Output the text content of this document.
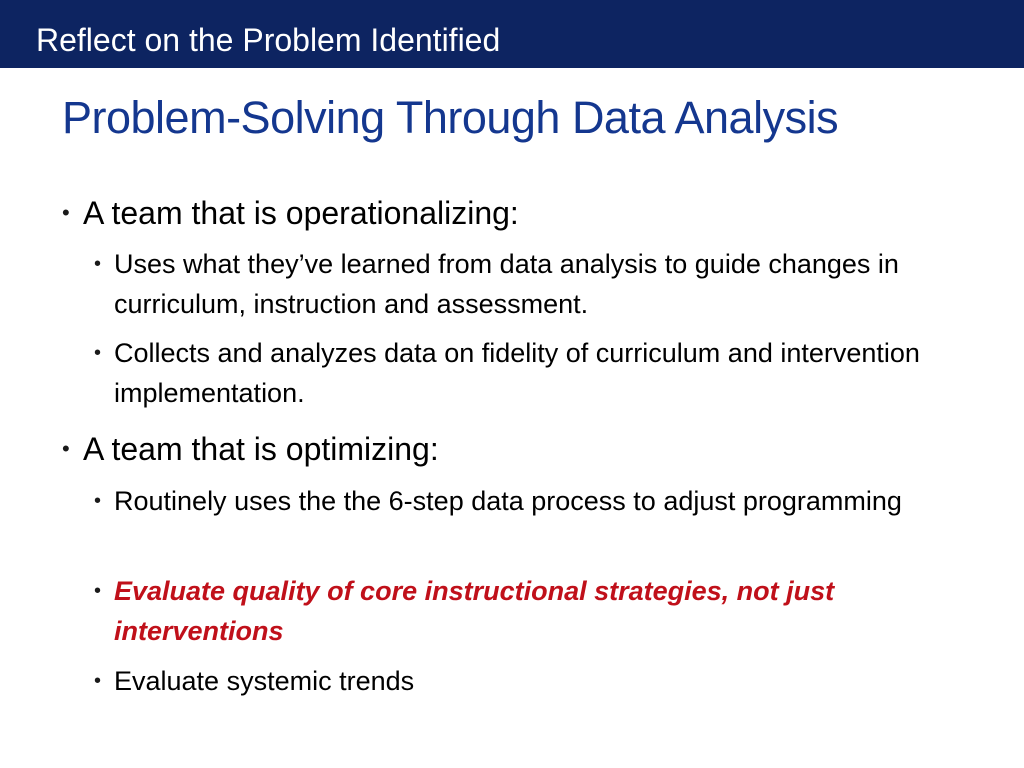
Reflect on the Problem Identified
Problem-Solving Through Data Analysis
• A team that is operationalizing:
• Uses what they’ve learned from data analysis to guide changes in curriculum, instruction and assessment.
• Collects and analyzes data on fidelity of curriculum and intervention implementation.
• A team that is optimizing:
• Routinely uses the the 6-step data process to adjust programming
• Evaluate quality of core instructional strategies, not just interventions
• Evaluate systemic trends
